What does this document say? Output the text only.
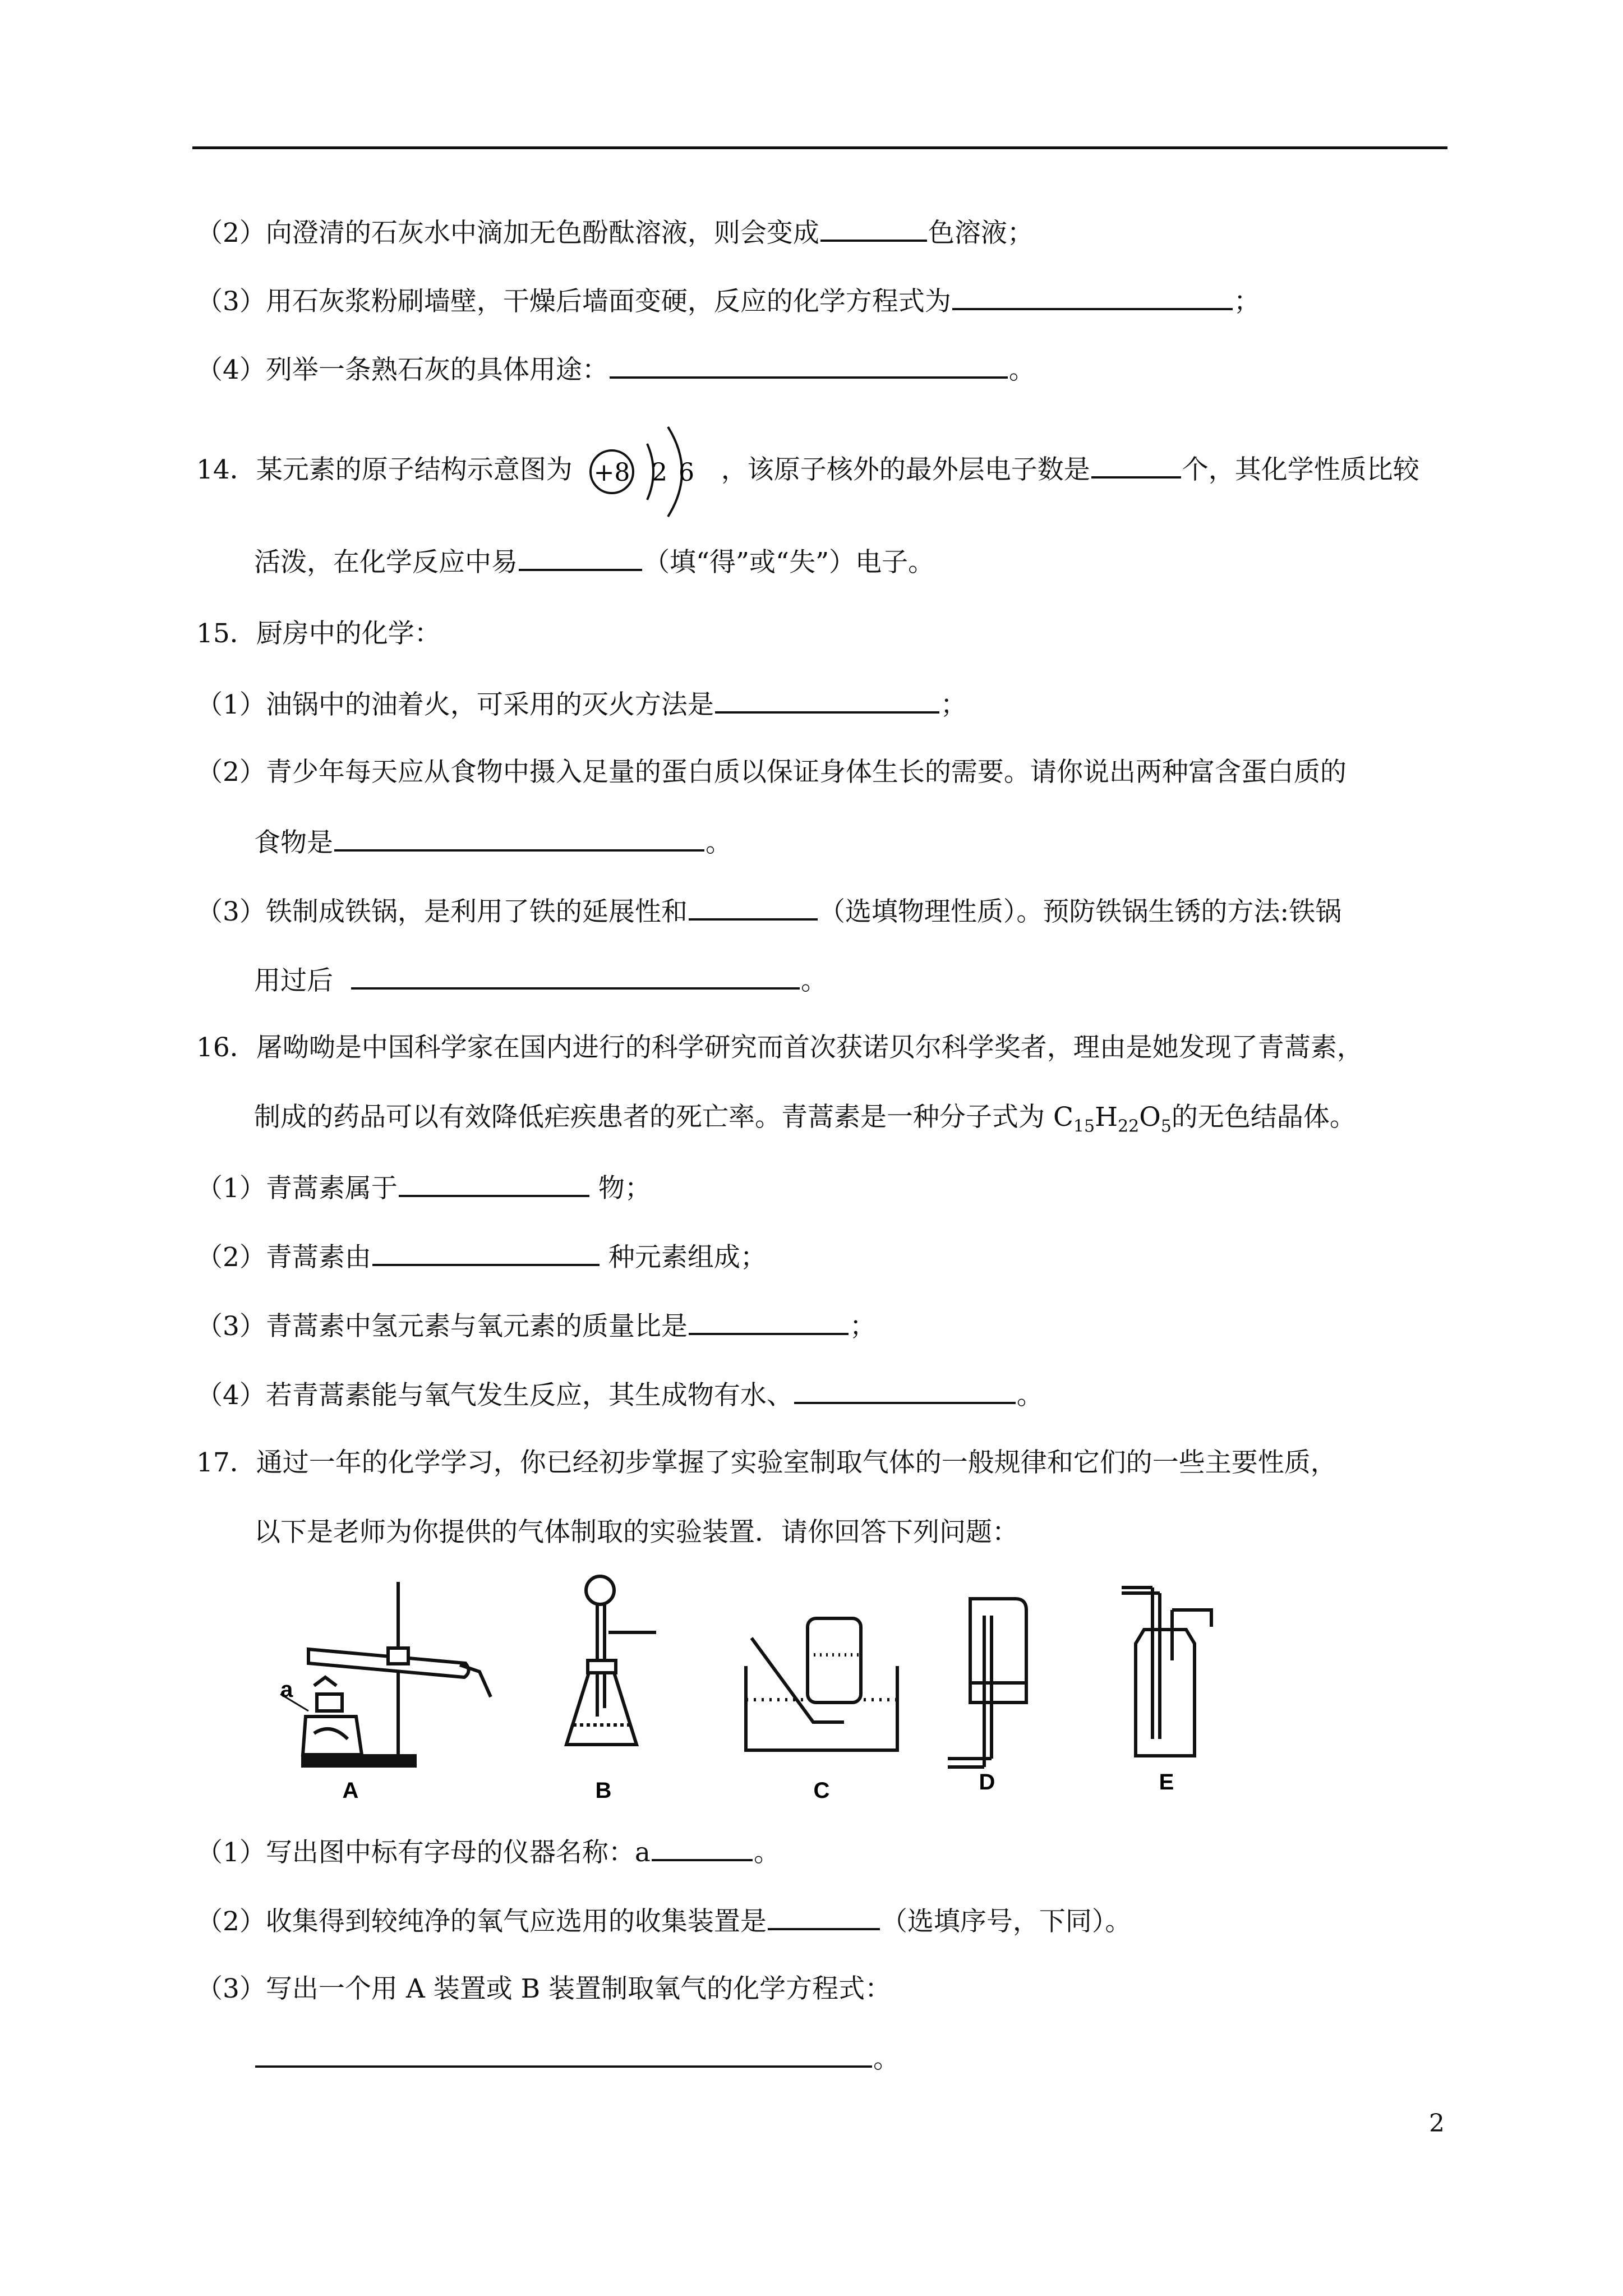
（2）向澄清的石灰水中滴加无色酚酞溶液，则会变成	色溶液；
（3）用石灰浆粉刷墙壁，干燥后墙面变硬，反应的化学方程式为	；
（4）列举一条熟石灰的具体用途：	。
14．某元素的原子结构示意图为 +8 2 6 ，该原子核外的最外层电子数是	个，其化学性质比较
活泼，在化学反应中易	（填“得”或“失”）电子。
15．厨房中的化学：
（1）油锅中的油着火，可采用的灭火方法是	；
（2）青少年每天应从食物中摄入足量的蛋白质以保证身体生长的需要。请你说出两种富含蛋白质的
食物是	。
（3）铁制成铁锅，是利用了铁的延展性和	（选填物理性质）。预防铁锅生锈的方法:铁锅
用过后	。
16．屠呦呦是中国科学家在国内进行的科学研究而首次获诺贝尔科学奖者，理由是她发现了青蒿素，
制成的药品可以有效降低疟疾患者的死亡率。青蒿素是一种分子式为 $C_{15}H_{22}O_5$的无色结晶体。
（1）青蒿素属于	物；
（2）青蒿素由	种元素组成；
（3）青蒿素中氢元素与氧元素的质量比是	；
（4）若青蒿素能与氧气发生反应，其生成物有水、	。
17．通过一年的化学学习，你已经初步掌握了实验室制取气体的一般规律和它们的一些主要性质，
以下是老师为你提供的气体制取的实验装置．请你回答下列问题：
a
A	B	C	D	E
（1）写出图中标有字母的仪器名称：a	。
（2）收集得到较纯净的氧气应选用的收集装置是	（选填序号，下同）。
（3）写出一个用 A 装置或 B 装置制取氧气的化学方程式：
。
2
